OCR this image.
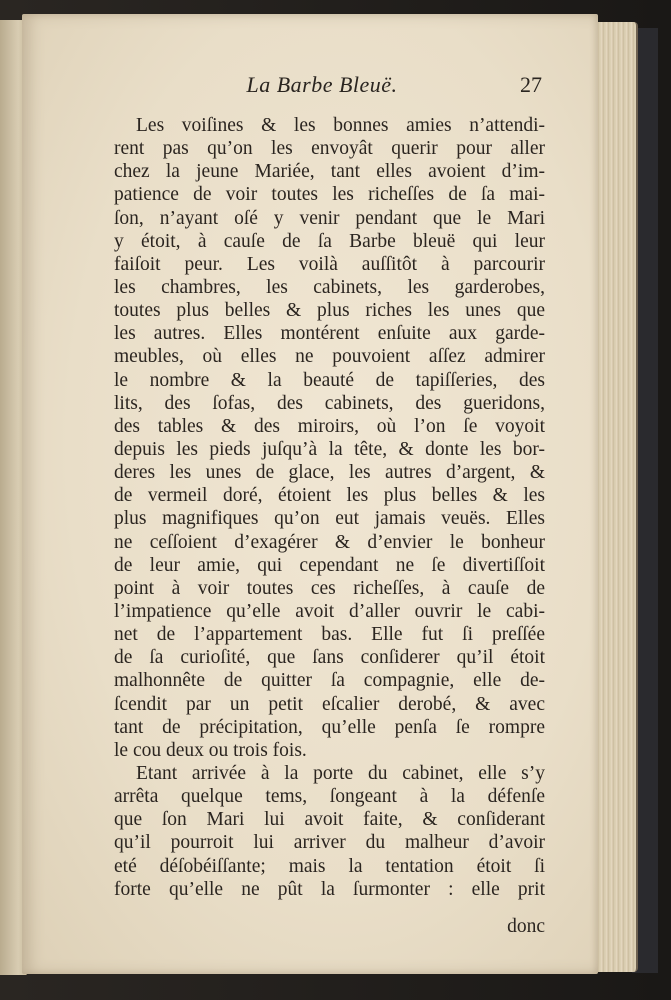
La Barbe Bleuë.	27
Les voiſines & les bonnes amies n’attendi-
rent pas qu’on les envoyât querir pour aller
chez la jeune Mariée, tant elles avoient d’im-
patience de voir toutes les richeſſes de ſa mai-
ſon, n’ayant oſé y venir pendant que le Mari
y étoit, à cauſe de ſa Barbe bleuë qui leur
faiſoit peur. Les voilà auſſitôt à parcourir
les chambres, les cabinets, les garderobes,
toutes plus belles & plus riches les unes que
les autres. Elles montérent enſuite aux garde-
meubles, où elles ne pouvoient aſſez admirer
le nombre & la beauté de tapiſſeries, des
lits, des ſofas, des cabinets, des gueridons,
des tables & des miroirs, où l’on ſe voyoit
depuis les pieds juſqu’à la tête, & donte les bor-
deres les unes de glace, les autres d’argent, &
de vermeil doré, étoient les plus belles & les
plus magnifiques qu’on eut jamais veuës. Elles
ne ceſſoient d’exagérer & d’envier le bonheur
de leur amie, qui cependant ne ſe divertiſſoit
point à voir toutes ces richeſſes, à cauſe de
l’impatience qu’elle avoit d’aller ouvrir le cabi-
net de l’appartement bas. Elle fut ſi preſſée
de ſa curioſité, que ſans conſiderer qu’il étoit
malhonnête de quitter ſa compagnie, elle de-
ſcendit par un petit eſcalier derobé, & avec
tant de précipitation, qu’elle penſa ſe rompre
le cou deux ou trois fois.
Etant arrivée à la porte du cabinet, elle s’y
arrêta quelque tems, ſongeant à la défenſe
que ſon Mari lui avoit faite, & conſiderant
qu’il pourroit lui arriver du malheur d’avoir
eté déſobéiſſante; mais la tentation étoit ſi
forte qu’elle ne pût la ſurmonter : elle prit
donc
